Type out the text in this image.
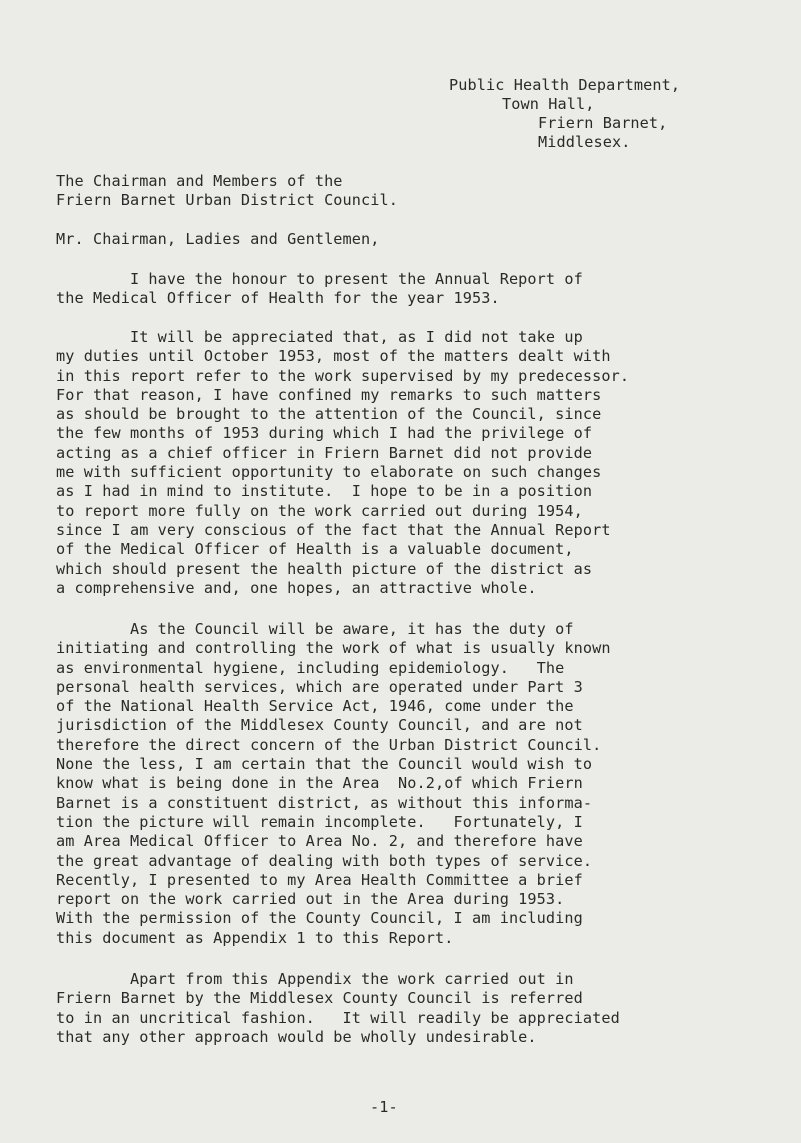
Public Health Department,
Town Hall,
Friern Barnet,
Middlesex.
The Chairman and Members of the
Friern Barnet Urban District Council.
Mr. Chairman, Ladies and Gentlemen,
I have the honour to present the Annual Report of
the Medical Officer of Health for the year 1953.
It will be appreciated that, as I did not take up
my duties until October 1953, most of the matters dealt with
in this report refer to the work supervised by my predecessor.
For that reason, I have confined my remarks to such matters
as should be brought to the attention of the Council, since
the few months of 1953 during which I had the privilege of
acting as a chief officer in Friern Barnet did not provide
me with sufficient opportunity to elaborate on such changes
as I had in mind to institute.  I hope to be in a position
to report more fully on the work carried out during 1954,
since I am very conscious of the fact that the Annual Report
of the Medical Officer of Health is a valuable document,
which should present the health picture of the district as
a comprehensive and, one hopes, an attractive whole.
As the Council will be aware, it has the duty of
initiating and controlling the work of what is usually known
as environmental hygiene, including epidemiology.   The
personal health services, which are operated under Part 3
of the National Health Service Act, 1946, come under the
jurisdiction of the Middlesex County Council, and are not
therefore the direct concern of the Urban District Council.
None the less, I am certain that the Council would wish to
know what is being done in the Area  No.2,of which Friern
Barnet is a constituent district, as without this informa-
tion the picture will remain incomplete.   Fortunately, I
am Area Medical Officer to Area No. 2, and therefore have
the great advantage of dealing with both types of service.
Recently, I presented to my Area Health Committee a brief
report on the work carried out in the Area during 1953.
With the permission of the County Council, I am including
this document as Appendix 1 to this Report.
Apart from this Appendix the work carried out in
Friern Barnet by the Middlesex County Council is referred
to in an uncritical fashion.   It will readily be appreciated
that any other approach would be wholly undesirable.
-1-
